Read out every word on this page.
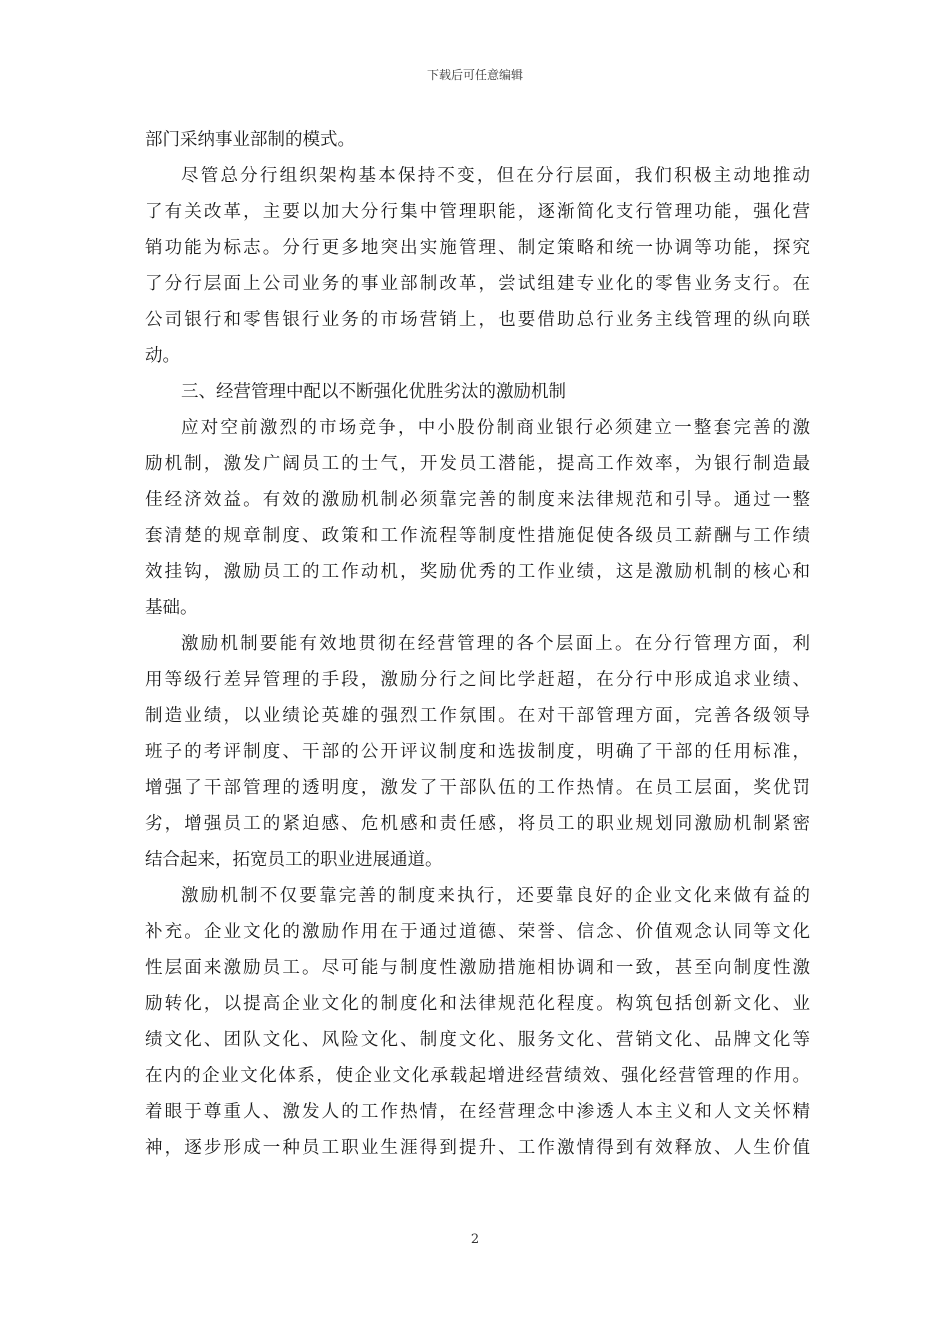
下载后可任意编辑
部门采纳事业部制的模式。
尽管总分行组织架构基本保持不变，但在分行层面，我们积极主动地推动
了有关改革，主要以加大分行集中管理职能，逐渐简化支行管理功能，强化营
销功能为标志。分行更多地突出实施管理、制定策略和统一协调等功能，探究
了分行层面上公司业务的事业部制改革，尝试组建专业化的零售业务支行。在
公司银行和零售银行业务的市场营销上，也要借助总行业务主线管理的纵向联
动。
三、经营管理中配以不断强化优胜劣汰的激励机制
应对空前激烈的市场竞争，中小股份制商业银行必须建立一整套完善的激
励机制，激发广阔员工的士气，开发员工潜能，提高工作效率，为银行制造最
佳经济效益。有效的激励机制必须靠完善的制度来法律规范和引导。通过一整
套清楚的规章制度、政策和工作流程等制度性措施促使各级员工薪酬与工作绩
效挂钩，激励员工的工作动机，奖励优秀的工作业绩，这是激励机制的核心和
基础。
激励机制要能有效地贯彻在经营管理的各个层面上。在分行管理方面，利
用等级行差异管理的手段，激励分行之间比学赶超，在分行中形成追求业绩、
制造业绩，以业绩论英雄的强烈工作氛围。在对干部管理方面，完善各级领导
班子的考评制度、干部的公开评议制度和选拔制度，明确了干部的任用标准，
增强了干部管理的透明度，激发了干部队伍的工作热情。在员工层面，奖优罚
劣，增强员工的紧迫感、危机感和责任感，将员工的职业规划同激励机制紧密
结合起来，拓宽员工的职业进展通道。
激励机制不仅要靠完善的制度来执行，还要靠良好的企业文化来做有益的
补充。企业文化的激励作用在于通过道德、荣誉、信念、价值观念认同等文化
性层面来激励员工。尽可能与制度性激励措施相协调和一致，甚至向制度性激
励转化，以提高企业文化的制度化和法律规范化程度。构筑包括创新文化、业
绩文化、团队文化、风险文化、制度文化、服务文化、营销文化、品牌文化等
在内的企业文化体系，使企业文化承载起增进经营绩效、强化经营管理的作用。
着眼于尊重人、激发人的工作热情，在经营理念中渗透人本主义和人文关怀精
神，逐步形成一种员工职业生涯得到提升、工作激情得到有效释放、人生价值
2
